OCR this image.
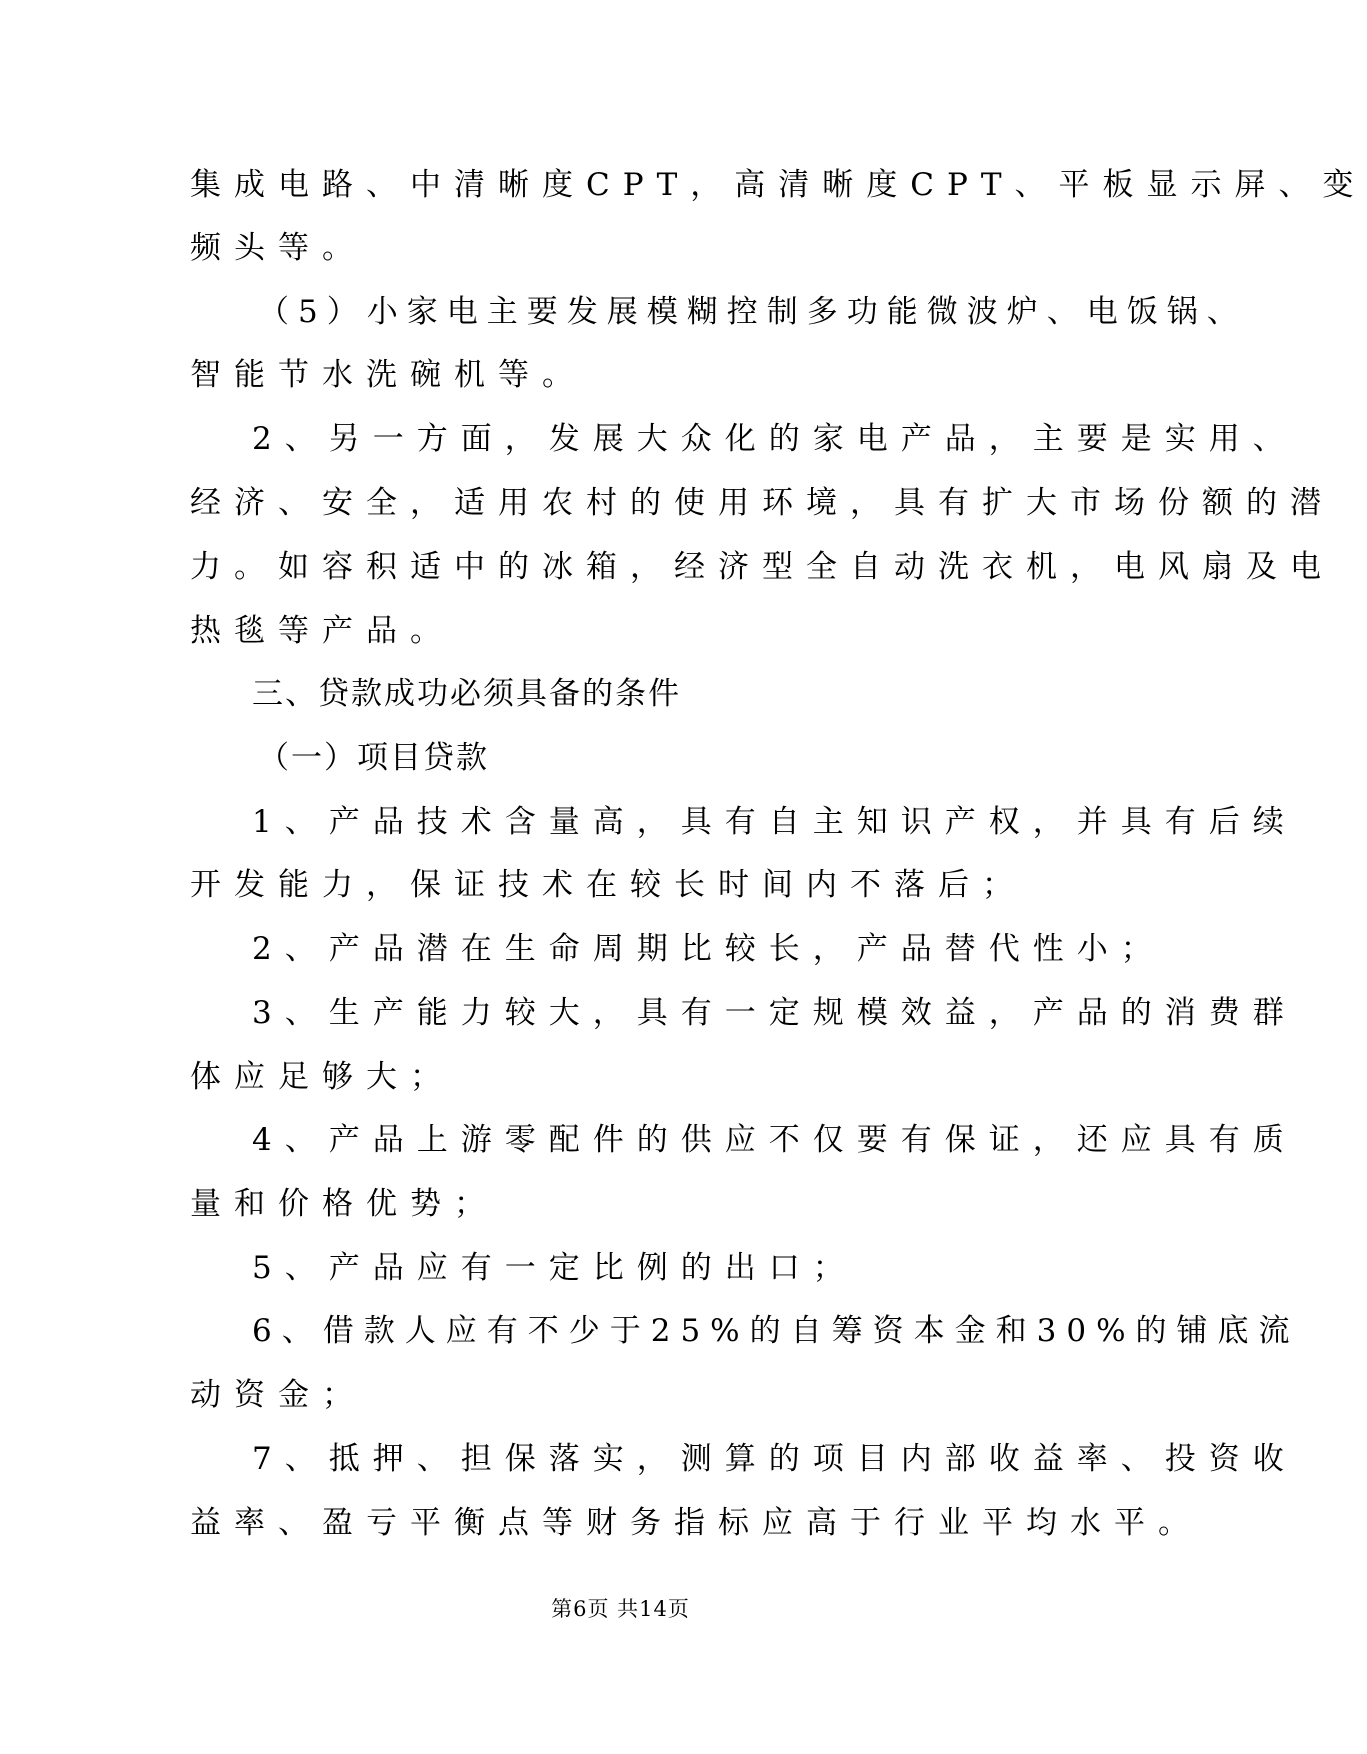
集成电路、中清晰度CPT，高清晰度CPT、平板显示屏、变
频头等。
（5）小家电主要发展模糊控制多功能微波炉、电饭锅、
智能节水洗碗机等。
2、另一方面，发展大众化的家电产品，主要是实用、
经济、安全，适用农村的使用环境，具有扩大市场份额的潜
力。如容积适中的冰箱，经济型全自动洗衣机，电风扇及电
热毯等产品。
三、贷款成功必须具备的条件
（一）项目贷款
1、产品技术含量高，具有自主知识产权，并具有后续
开发能力，保证技术在较长时间内不落后；
2、产品潜在生命周期比较长，产品替代性小；
3、生产能力较大，具有一定规模效益，产品的消费群
体应足够大；
4、产品上游零配件的供应不仅要有保证，还应具有质
量和价格优势；
5、产品应有一定比例的出口；
6、借款人应有不少于25%的自筹资本金和30%的铺底流
动资金；
7、抵押、担保落实，测算的项目内部收益率、投资收
益率、盈亏平衡点等财务指标应高于行业平均水平。
第6页 共14页
